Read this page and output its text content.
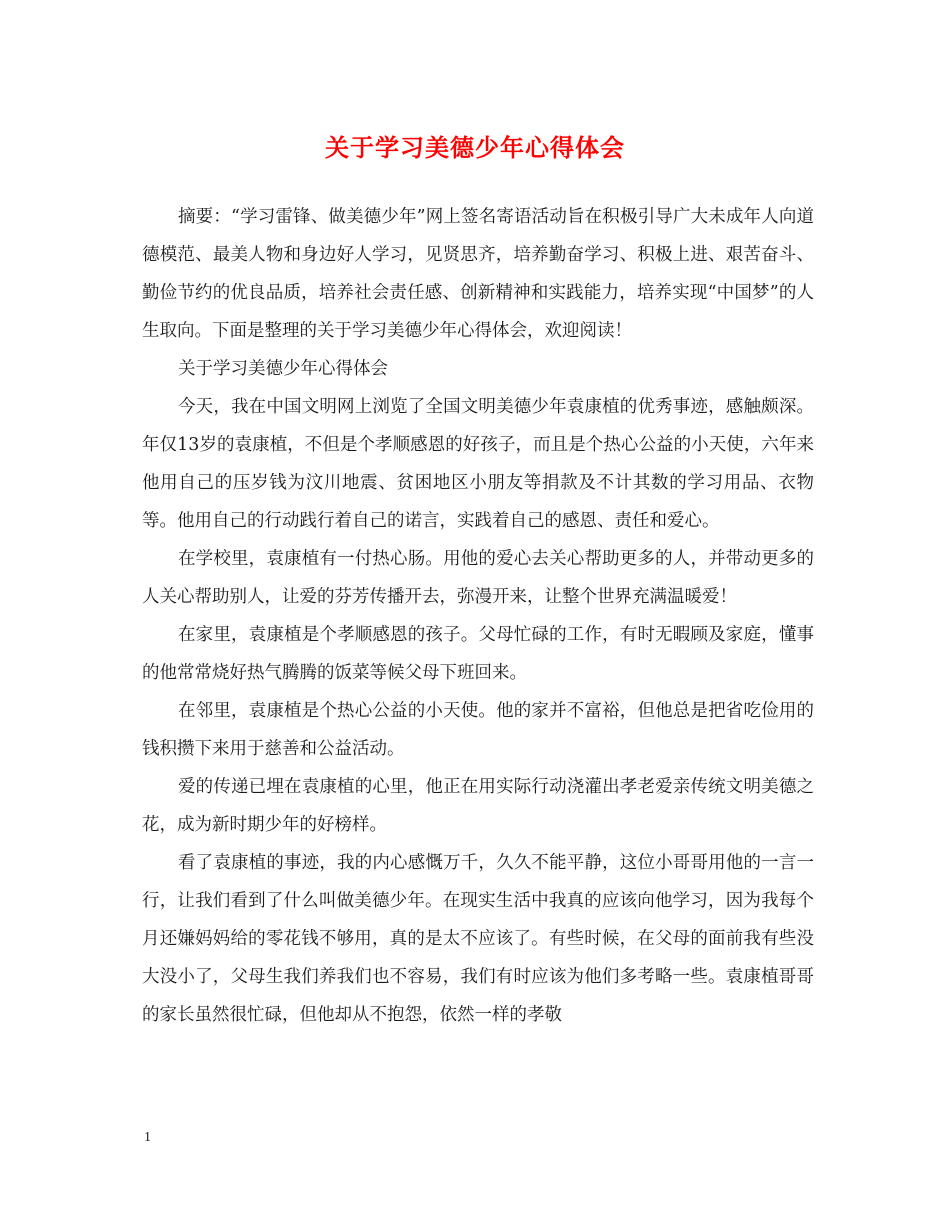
关于学习美德少年心得体会

摘要：“学习雷锋、做美德少年”网上签名寄语活动旨在积极引导广大未成年人向道德模范、最美人物和身边好人学习，见贤思齐，培养勤奋学习、积极上进、艰苦奋斗、勤俭节约的优良品质，培养社会责任感、创新精神和实践能力，培养实现“中国梦”的人生取向。下面是整理的关于学习美德少年心得体会，欢迎阅读！

关于学习美德少年心得体会

今天，我在中国文明网上浏览了全国文明美德少年袁康植的优秀事迹，感触颇深。年仅13岁的袁康植，不但是个孝顺感恩的好孩子，而且是个热心公益的小天使，六年来他用自己的压岁钱为汶川地震、贫困地区小朋友等捐款及不计其数的学习用品、衣物等。他用自己的行动践行着自己的诺言，实践着自己的感恩、责任和爱心。

在学校里，袁康植有一付热心肠。用他的爱心去关心帮助更多的人，并带动更多的人关心帮助别人，让爱的芬芳传播开去，弥漫开来，让整个世界充满温暖爱！

在家里，袁康植是个孝顺感恩的孩子。父母忙碌的工作，有时无暇顾及家庭，懂事的他常常烧好热气腾腾的饭菜等候父母下班回来。

在邻里，袁康植是个热心公益的小天使。他的家并不富裕，但他总是把省吃俭用的钱积攒下来用于慈善和公益活动。

爱的传递已埋在袁康植的心里，他正在用实际行动浇灌出孝老爱亲传统文明美德之花，成为新时期少年的好榜样。

看了袁康植的事迹，我的内心感慨万千，久久不能平静，这位小哥哥用他的一言一行，让我们看到了什么叫做美德少年。在现实生活中我真的应该向他学习，因为我每个月还嫌妈妈给的零花钱不够用，真的是太不应该了。有些时候，在父母的面前我有些没大没小了，父母生我们养我们也不容易，我们有时应该为他们多考略一些。袁康植哥哥的家长虽然很忙碌，但他却从不抱怨，依然一样的孝敬

1
